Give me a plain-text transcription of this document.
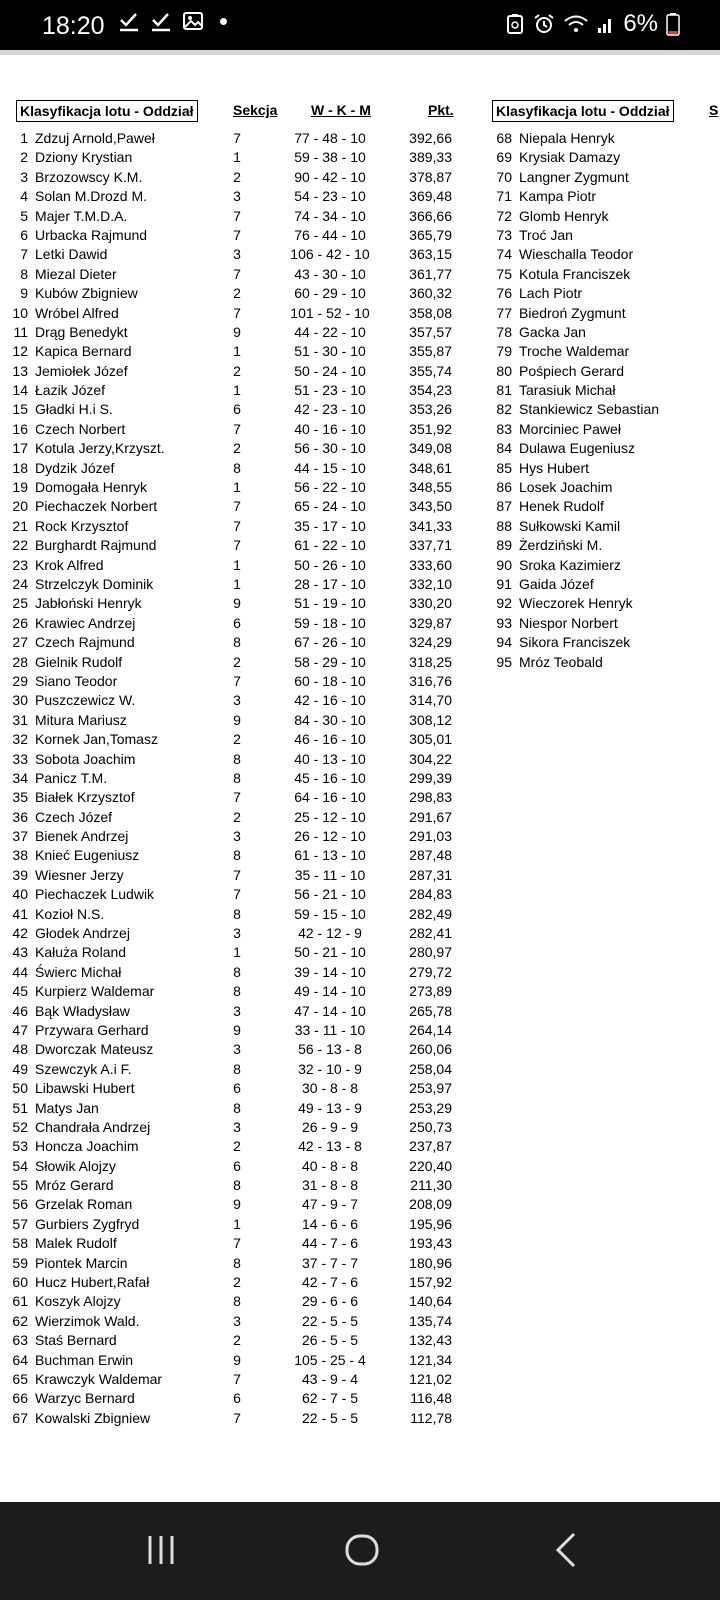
18:20	6%
Klasyfikacja lotu - Oddział	Sekcja W - K - M	Pkt.	Klasyfikacja lotu - Oddział	S
1 Zdzuj Arnold,Paweł	7	77 - 48 - 10	392,66
2 Dziony Krystian	1	59 - 38 - 10	389,33
3 Brzozowscy K.M.	2	90 - 42 - 10	378,87
4 Solan M.Drozd M.	3	54 - 23 - 10	369,48
5 Majer T.M.D.A.	7	74 - 34 - 10	366,66
6 Urbacka Rajmund	7	76 - 44 - 10	365,79
7 Letki Dawid	3	106 - 42 - 10	363,15
8 Miezal Dieter	7	43 - 30 - 10	361,77
9 Kubów Zbigniew	2	60 - 29 - 10	360,32
10 Wróbel Alfred	7	101 - 52 - 10	358,08
11 Drąg Benedykt	9	44 - 22 - 10	357,57
12 Kapica Bernard	1	51 - 30 - 10	355,87
13 Jemiołek Józef	2	50 - 24 - 10	355,74
14 Łazik Józef	1	51 - 23 - 10	354,23
15 Gładki H.i S.	6	42 - 23 - 10	353,26
16 Czech Norbert	7	40 - 16 - 10	351,92
17 Kotula Jerzy,Krzyszt.	2	56 - 30 - 10	349,08
18 Dydzik Józef	8	44 - 15 - 10	348,61
19 Domogała Henryk	1	56 - 22 - 10	348,55
20 Piechaczek Norbert	7	65 - 24 - 10	343,50
21 Rock Krzysztof	7	35 - 17 - 10	341,33
22 Burghardt Rajmund	7	61 - 22 - 10	337,71
23 Krok Alfred	1	50 - 26 - 10	333,60
24 Strzelczyk Dominik	1	28 - 17 - 10	332,10
25 Jabłoński Henryk	9	51 - 19 - 10	330,20
26 Krawiec Andrzej	6	59 - 18 - 10	329,87
27 Czech Rajmund	8	67 - 26 - 10	324,29
28 Gielnik Rudolf	2	58 - 29 - 10	318,25
29 Siano Teodor	7	60 - 18 - 10	316,76
30 Puszczewicz W.	3	42 - 16 - 10	314,70
31 Mitura Mariusz	9	84 - 30 - 10	308,12
32 Kornek Jan,Tomasz	2	46 - 16 - 10	305,01
33 Sobota Joachim	8	40 - 13 - 10	304,22
34 Panicz T.M.	8	45 - 16 - 10	299,39
35 Białek Krzysztof	7	64 - 16 - 10	298,83
36 Czech Józef	2	25 - 12 - 10	291,67
37 Bienek Andrzej	3	26 - 12 - 10	291,03
38 Knieć Eugeniusz	8	61 - 13 - 10	287,48
39 Wiesner Jerzy	7	35 - 11 - 10	287,31
40 Piechaczek Ludwik	7	56 - 21 - 10	284,83
41 Kozioł N.S.	8	59 - 15 - 10	282,49
42 Głodek Andrzej	3	42 - 12 - 9	282,41
43 Kałuża Roland	1	50 - 21 - 10	280,97
44 Świerc Michał	8	39 - 14 - 10	279,72
45 Kurpierz Waldemar	8	49 - 14 - 10	273,89
46 Bąk Władysław	3	47 - 14 - 10	265,78
47 Przywara Gerhard	9	33 - 11 - 10	264,14
48 Dworczak Mateusz	3	56 - 13 - 8	260,06
49 Szewczyk A.i F.	8	32 - 10 - 9	258,04
50 Libawski Hubert	6	30 - 8 - 8	253,97
51 Matys Jan	8	49 - 13 - 9	253,29
52 Chandrała Andrzej	3	26 - 9 - 9	250,73
53 Honcza Joachim	2	42 - 13 - 8	237,87
54 Słowik Alojzy	6	40 - 8 - 8	220,40
55 Mróz Gerard	8	31 - 8 - 8	211,30
56 Grzelak Roman	9	47 - 9 - 7	208,09
57 Gurbiers Zygfryd	1	14 - 6 - 6	195,96
58 Malek Rudolf	7	44 - 7 - 6	193,43
59 Piontek Marcin	8	37 - 7 - 7	180,96
60 Hucz Hubert,Rafał	2	42 - 7 - 6	157,92
61 Koszyk Alojzy	8	29 - 6 - 6	140,64
62 Wierzimok Wald.	3	22 - 5 - 5	135,74
63 Staś Bernard	2	26 - 5 - 5	132,43
64 Buchman Erwin	9	105 - 25 - 4	121,34
65 Krawczyk Waldemar	7	43 - 9 - 4	121,02
66 Warzyc Bernard	6	62 - 7 - 5	116,48
67 Kowalski Zbigniew	7	22 - 5 - 5	112,78
68 Niepala Henryk
69 Krysiak Damazy
70 Langner Zygmunt
71 Kampa Piotr
72 Glomb Henryk
73 Troć Jan
74 Wieschalla Teodor
75 Kotula Franciszek
76 Lach Piotr
77 Biedroń Zygmunt
78 Gacka Jan
79 Troche Waldemar
80 Pośpiech Gerard
81 Tarasiuk Michał
82 Stankiewicz Sebastian
83 Morciniec Paweł
84 Dulawa Eugeniusz
85 Hys Hubert
86 Losek Joachim
87 Henek Rudolf
88 Sułkowski Kamil
89 Żerdziński M.
90 Sroka Kazimierz
91 Gaida Józef
92 Wieczorek Henryk
93 Niespor Norbert
94 Sikora Franciszek
95 Mróz Teobald
